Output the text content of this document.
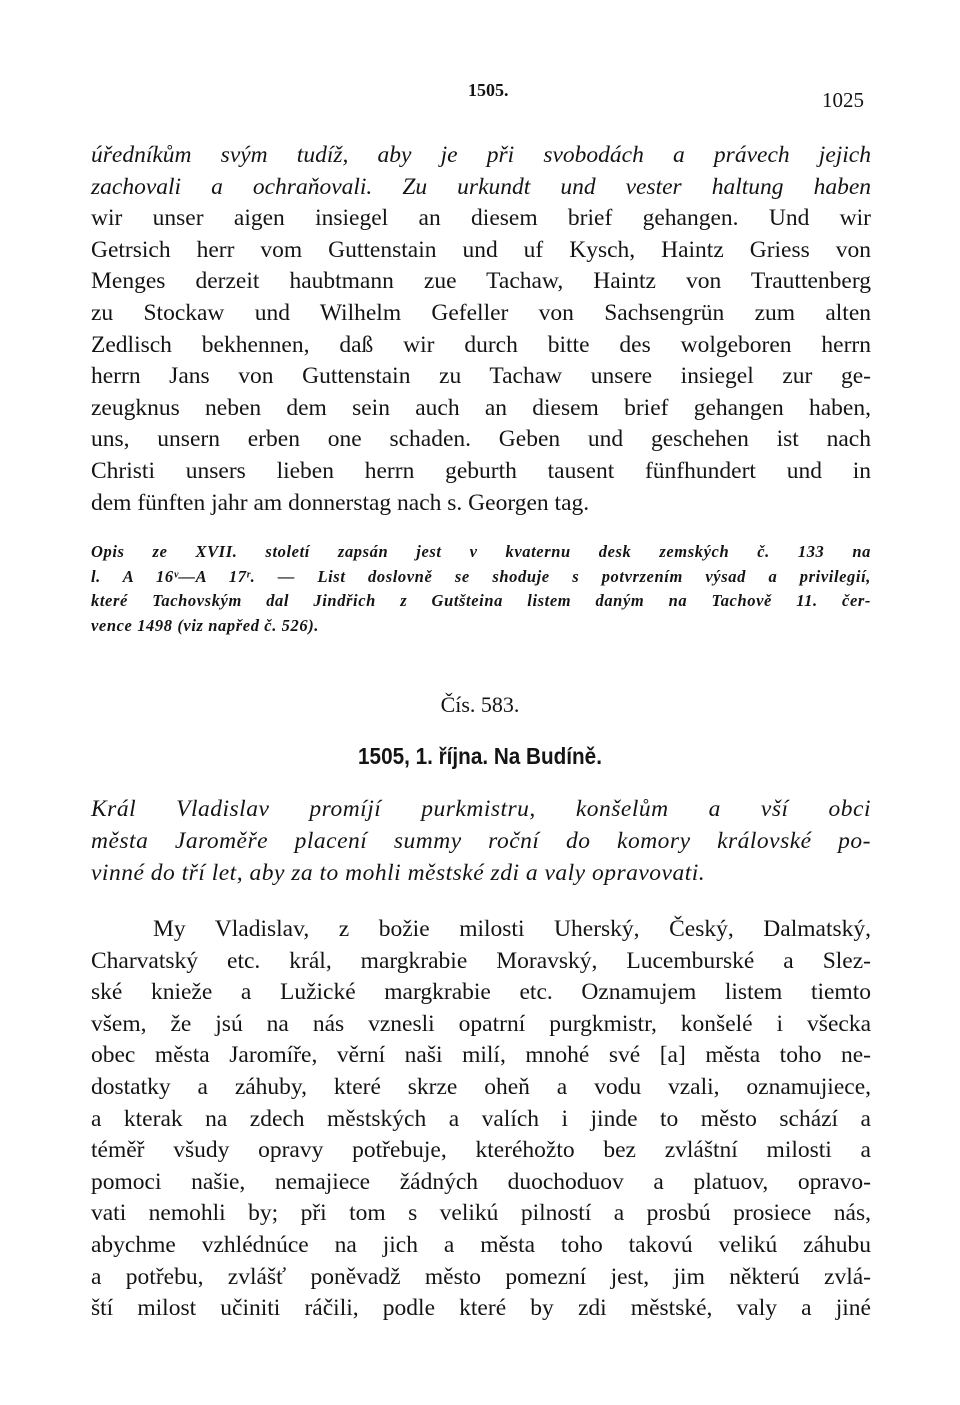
1505.	1025
úředníkům svým tudíž, aby je při svobodách a právech jejich
zachovali a ochraňovali. Zu urkundt und vester haltung haben
wir unser aigen insiegel an diesem brief gehangen. Und wir
Getrsich herr vom Guttenstain und uf Kysch, Haintz Griess von
Menges derzeit haubtmann zue Tachaw, Haintz von Trauttenberg
zu Stockaw und Wilhelm Gefeller von Sachsengrün zum alten
Zedlisch bekhennen, daß wir durch bitte des wolgeboren herrn
herrn Jans von Guttenstain zu Tachaw unsere insiegel zur ge-
zeugknus neben dem sein auch an diesem brief gehangen haben,
uns, unsern erben one schaden. Geben und geschehen ist nach
Christi unsers lieben herrn geburth tausent fünfhundert und in
dem fünften jahr am donnerstag nach s. Georgen tag.
Opis ze XVII. století zapsán jest v kvaternu desk zemských č. 133 na
l. A 16ᵛ—A 17ʳ. — List doslovně se shoduje s potvrzením výsad a privilegií,
které Tachovským dal Jindřich z Gutšteina listem daným na Tachově 11. čer-
vence 1498 (viz napřed č. 526).
Čís. 583.
1505, 1. října. Na Budíně.
Král Vladislav promíjí purkmistru, konšelům a vší obci
města Jaroměře placení summy roční do komory královské po-
vinné do tří let, aby za to mohli městské zdi a valy opravovati.
My Vladislav, z božie milosti Uherský, Český, Dalmatský,
Charvatský etc. král, margkrabie Moravský, Lucemburské a Slez-
ské knieže a Lužické margkrabie etc. Oznamujem listem tiemto
všem, že jsú na nás vznesli opatrní purgkmistr, konšelé i všecka
obec města Jaromíře, věrní naši milí, mnohé své [a] města toho ne-
dostatky a záhuby, které skrze oheň a vodu vzali, oznamujiece,
a kterak na zdech městských a valích i jinde to město schází a
téměř všudy opravy potřebuje, kteréhožto bez zvláštní milosti a
pomoci našie, nemajiece žádných duochoduov a platuov, opravo-
vati nemohli by; při tom s velikú pilností a prosbú prosiece nás,
abychme vzhlédnúce na jich a města toho takovú velikú záhubu
a potřebu, zvlášť poněvadž město pomezní jest, jim některú zvlá-
ští milost učiniti ráčili, podle které by zdi městské, valy a jiné
